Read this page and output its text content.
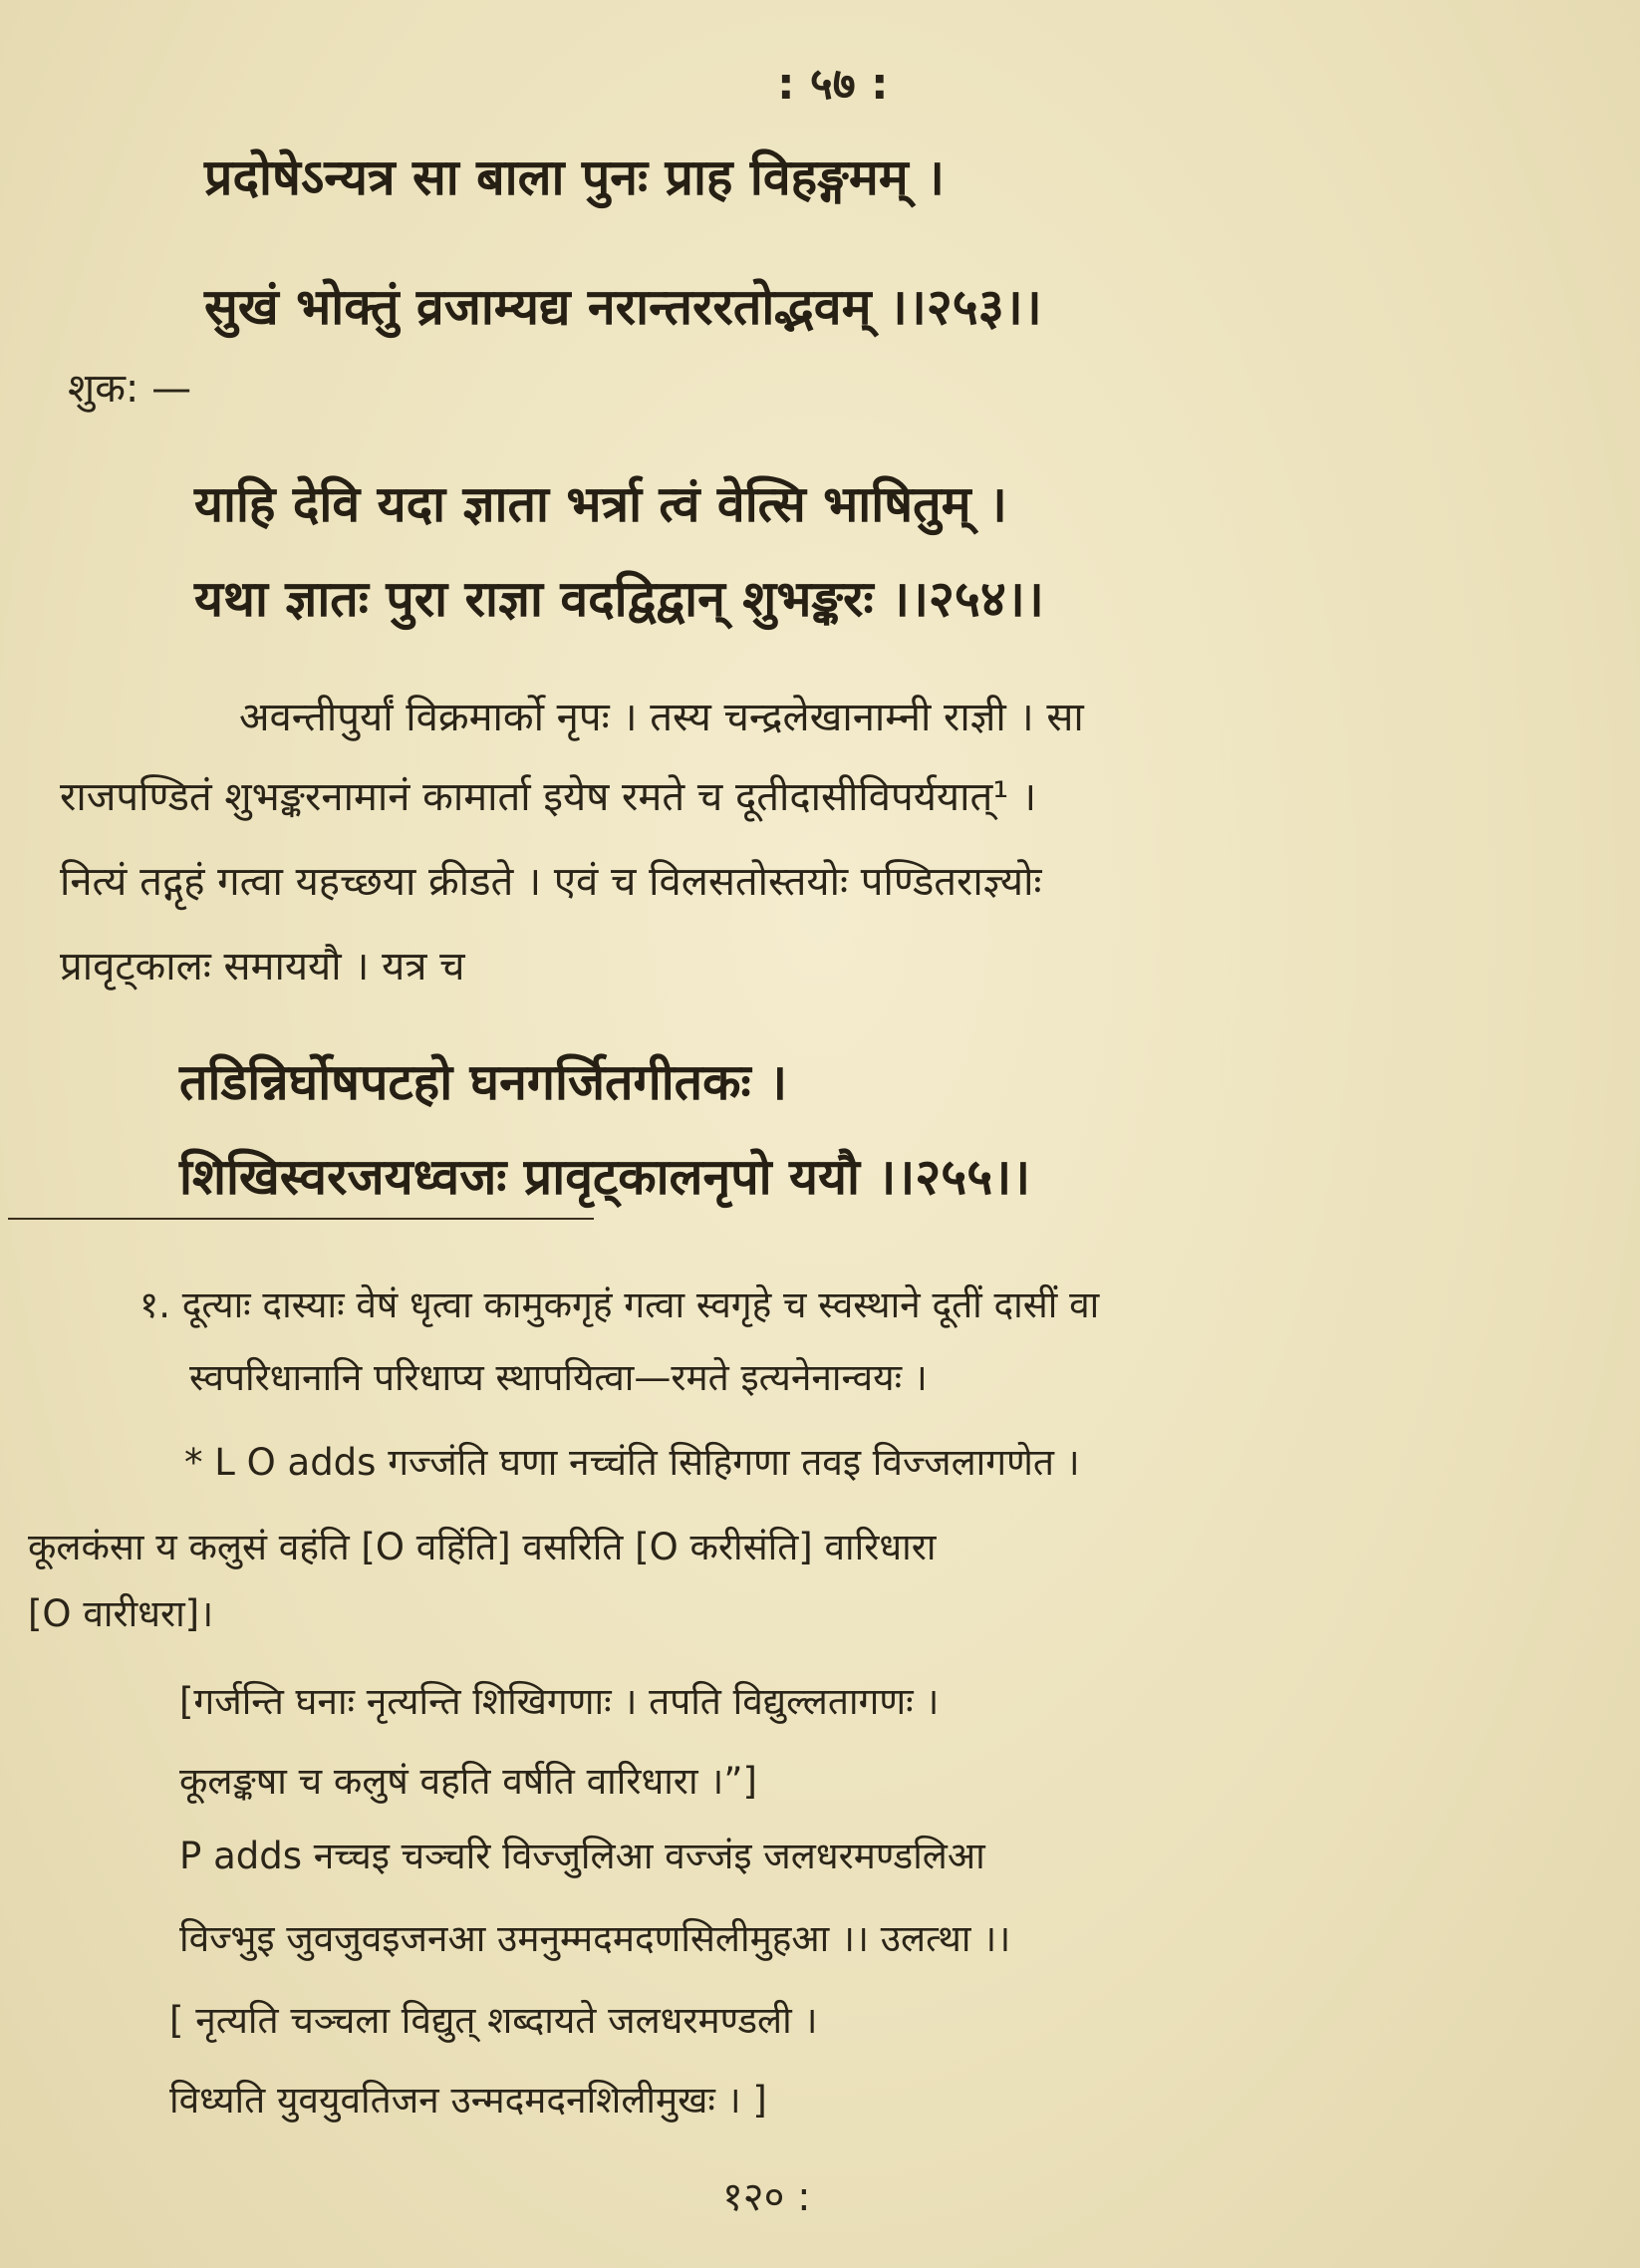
: ५७ :
प्रदोषेऽन्यत्र सा बाला पुनः प्राह विहङ्गमम् ।
सुखं भोक्तुं व्रजाम्यद्य नरान्तररतोद्भवम् ।।२५३।।
शुक: —
याहि देवि यदा ज्ञाता भर्त्रा त्वं वेत्सि भाषितुम् ।
यथा ज्ञातः पुरा राज्ञा वदद्विद्वान् शुभङ्करः ।।२५४।।
अवन्तीपुर्यां विक्रमार्को नृपः । तस्य चन्द्रलेखानाम्नी राज्ञी । सा
राजपण्डितं शुभङ्करनामानं कामार्ता इयेष रमते च दूतीदासीविपर्ययात्¹ ।
नित्यं तद्गृहं गत्वा यहच्छया क्रीडते । एवं च विलसतोस्तयोः पण्डितराज्ञ्योः
प्रावृट्कालः समाययौ । यत्र च
तडिन्निर्घोषपटहो घनगर्जितगीतकः ।
शिखिस्वरजयध्वजः प्रावृट्कालनृपो ययौ ।।२५५।।
१. दूत्याः दास्याः वेषं धृत्वा कामुकगृहं गत्वा स्वगृहे च स्वस्थाने दूतीं दासीं वा
स्वपरिधानानि परिधाप्य स्थापयित्वा—रमते इत्यनेनान्वयः ।
* L O adds गज्जंति घणा नच्चंति सिहिगणा तवइ विज्जलागणेत ।
कूलकंसा य कलुसं वहंति [O वहिंति] वसरिति [O करीसंति] वारिधारा
[O वारीधरा]।
[गर्जन्ति घनाः नृत्यन्ति शिखिगणाः । तपति विद्युल्लतागणः ।
कूलङ्कषा च कलुषं वहति वर्षति वारिधारा ।”]
P adds नच्चइ चञ्चरि विज्जुलिआ वज्जंइ जलधरमण्डलिआ
विज्भुइ जुवजुवइजनआ उमनुम्मदमदणसिलीमुहआ ।। उलत्था ।।
[ नृत्यति चञ्चला विद्युत् शब्दायते जलधरमण्डली ।
विध्यति युवयुवतिजन उन्मदमदनशिलीमुखः । ]
१२० :
